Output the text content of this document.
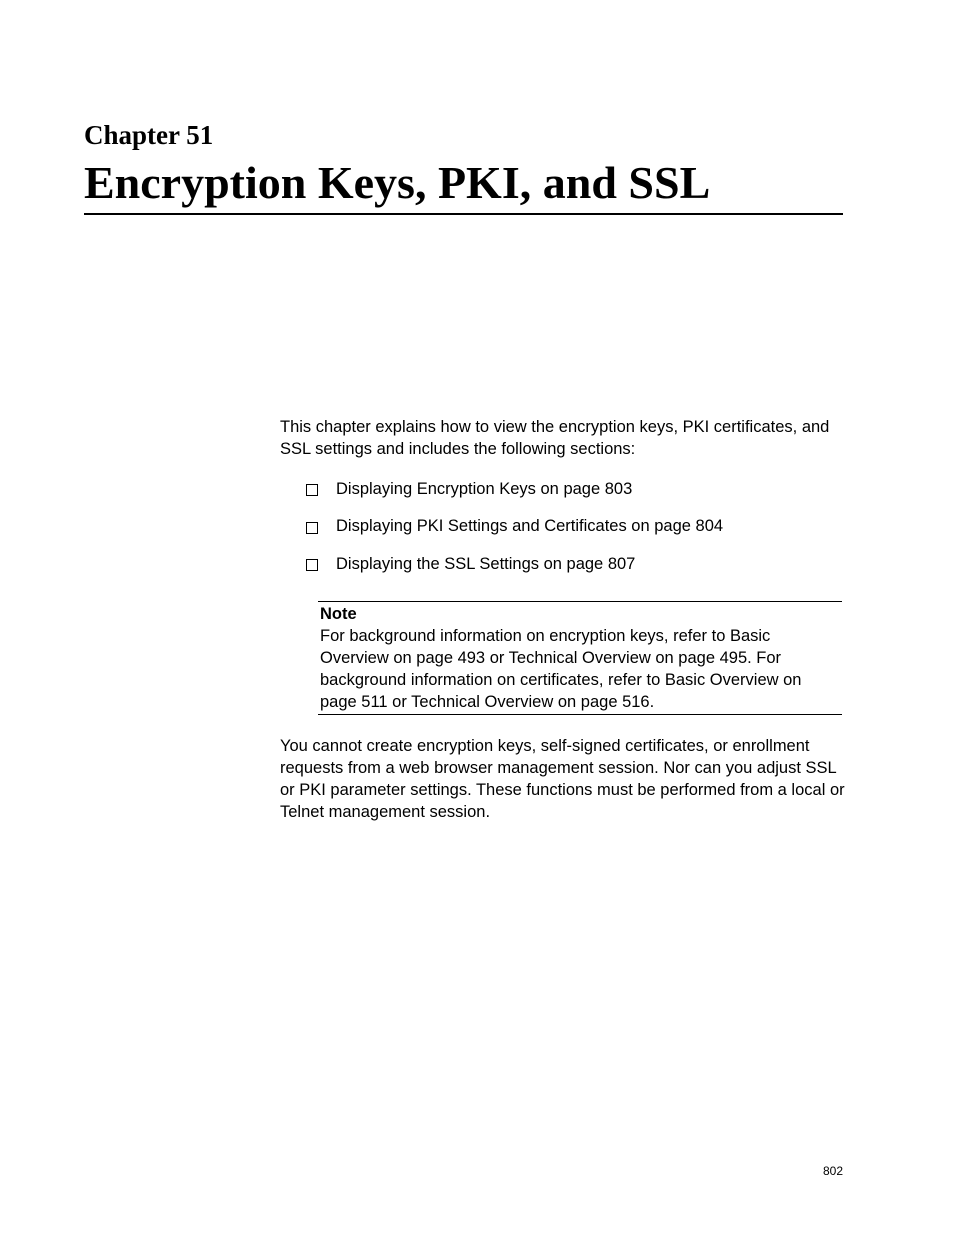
Chapter 51
Encryption Keys, PKI, and SSL

This chapter explains how to view the encryption keys, PKI certificates, and SSL settings and includes the following sections:

Displaying Encryption Keys on page 803
Displaying PKI Settings and Certificates on page 804
Displaying the SSL Settings on page 807

Note

For background information on encryption keys, refer to Basic Overview on page 493 or Technical Overview on page 495. For background information on certificates, refer to Basic Overview on page 511 or Technical Overview on page 516.

You cannot create encryption keys, self-signed certificates, or enrollment requests from a web browser management session. Nor can you adjust SSL or PKI parameter settings. These functions must be performed from a local or Telnet management session.

802
